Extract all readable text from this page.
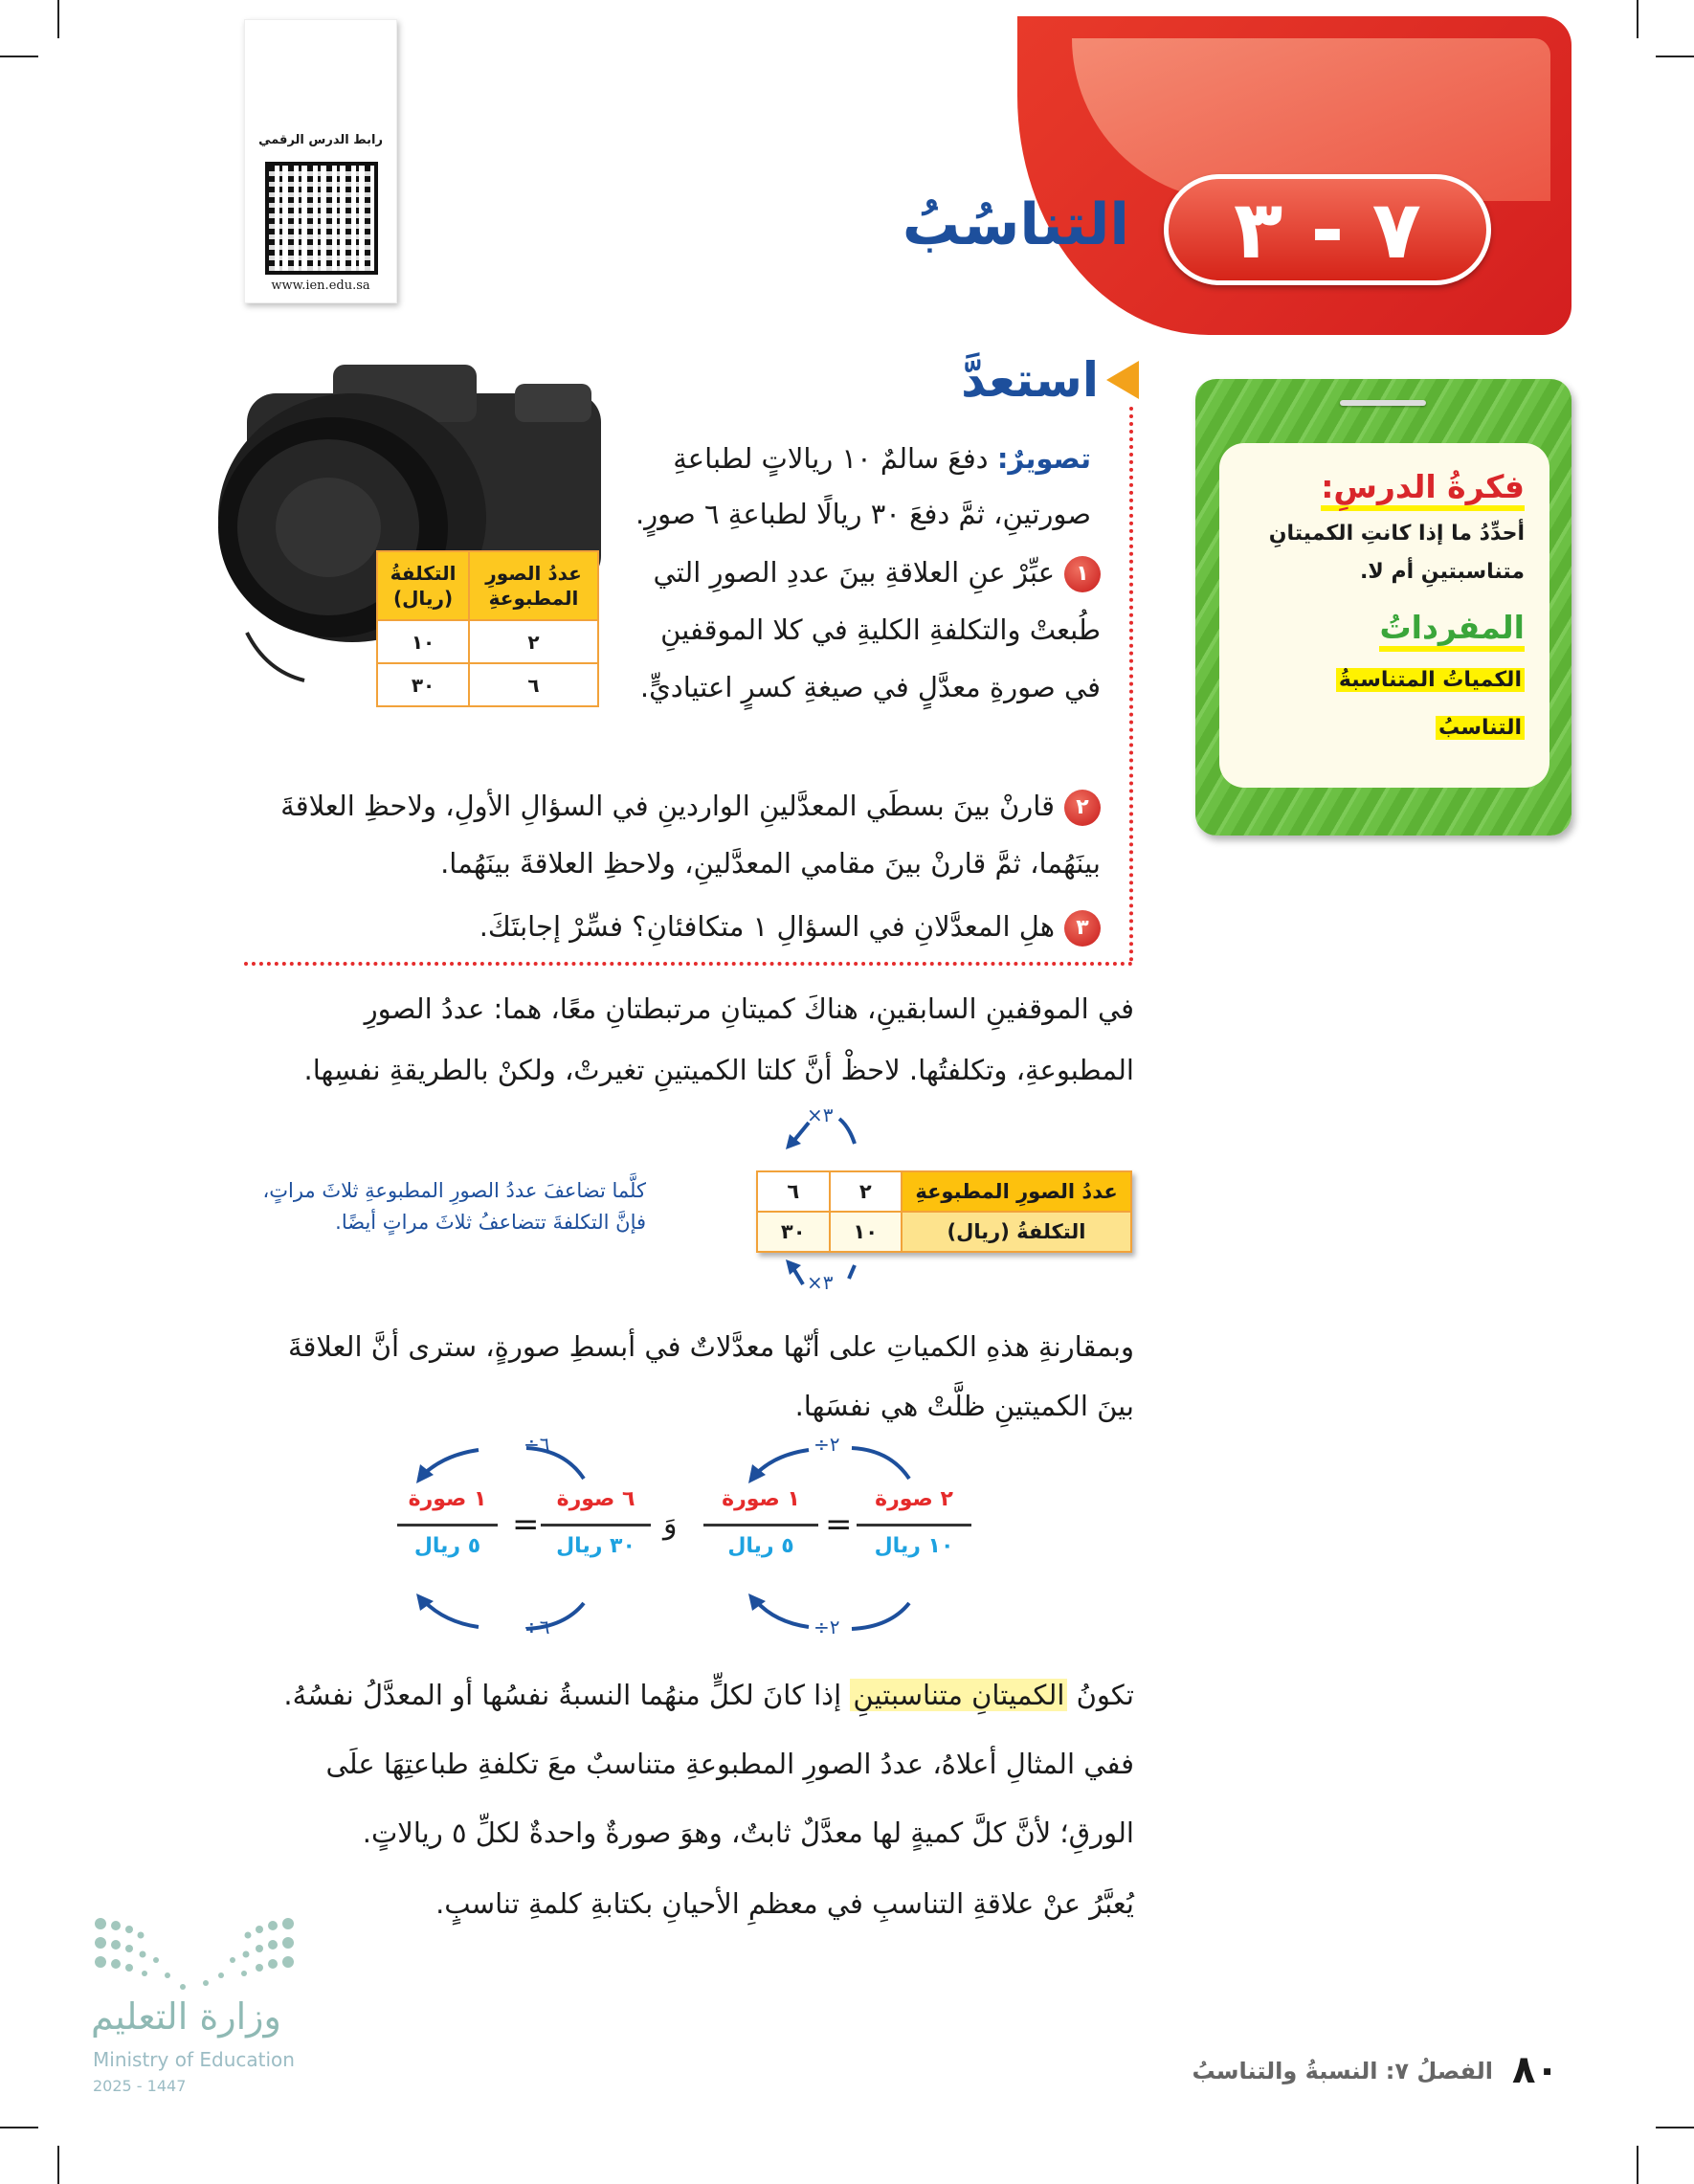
رابط الدرس الرقمي
www.ien.edu.sa
٧ - ٣
التناسُبُ
فكرةُ الدرسِ:
أحدِّدُ ما إذا كانتِ الكميتانِ متناسبتينِ أم لا.
المفرداتُ
الكمياتُ المتناسبةُ
التناسبُ
استعدَّ
عددُ الصورِ المطبوعةِ	التكلفةُ (ريال)
٢	١٠
٦	٣٠
تصويرٌ: دفعَ سالمٌ ١٠ ريالاتٍ لطباعةِ صورتينِ، ثمَّ دفعَ ٣٠ ريالًا لطباعةِ ٦ صورٍ.
١عبِّرْ عنِ العلاقةِ بينَ عددِ الصورِ التي طُبعتْ والتكلفةِ الكليةِ في كلا الموقفينِ في صورةِ معدَّلٍ في صيغةِ كسرٍ اعتياديٍّ.
٢قارنْ بينَ بسطَي المعدَّلينِ الواردينِ في السؤالِ الأولِ، ولاحظِ العلاقةَ بينَهُما، ثمَّ قارنْ بينَ مقامي المعدَّلينِ، ولاحظِ العلاقةَ بينَهُما.
٣هلِ المعدَّلانِ في السؤالِ ١ متكافئانِ؟ فسِّرْ إجابتَكَ.
في الموقفينِ السابقينِ، هناكَ كميتانِ مرتبطتانِ معًا، هما: عددُ الصورِ المطبوعةِ، وتكلفتُها. لاحظْ أنَّ كلتا الكميتينِ تغيرتْ، ولكنْ بالطريقةِ نفسِها.
×٣
عددُ الصورِ المطبوعةِ	٢	٦
التكلفةُ (ريال)	١٠	٣٠
×٣
كلَّما تضاعفَ عددُ الصورِ المطبوعةِ ثلاثَ مراتٍ، فإنَّ التكلفةَ تتضاعفُ ثلاثَ مراتٍ أيضًا.
وبمقارنةِ هذهِ الكمياتِ على أنّها معدَّلاتٌ في أبسطِ صورةٍ، سترى أنَّ العلاقةَ بينَ الكميتينِ ظلَّتْ هي نفسَها.
÷٦
÷٦
÷٢
÷٢
٢ صورة
١٠ ريال
=
١ صورة
٥ ريال
وَ
٦ صورة
٣٠ ريال
=
١ صورة
٥ ريال
تكونُ الكميتانِ متناسبتينِ إذا كانَ لكلٍّ منهُما النسبةُ نفسُها أو المعدَّلُ نفسُهُ. ففي المثالِ أعلاهُ، عددُ الصورِ المطبوعةِ متناسبٌ معَ تكلفةِ طباعتِهَا علَى الورقِ؛ لأنَّ كلَّ كميةٍ لها معدَّلٌ ثابتٌ، وهوَ صورةٌ واحدةٌ لكلِّ ٥ ريالاتٍ.
يُعبَّرُ عنْ علاقةِ التناسبِ في معظمِ الأحيانِ بكتابةِ كلمةِ تناسبٍ.
وزارة التعليم
Ministry of Education
2025 - 1447	٨٠
الفصلُ ٧: النسبةُ والتناسبُ
